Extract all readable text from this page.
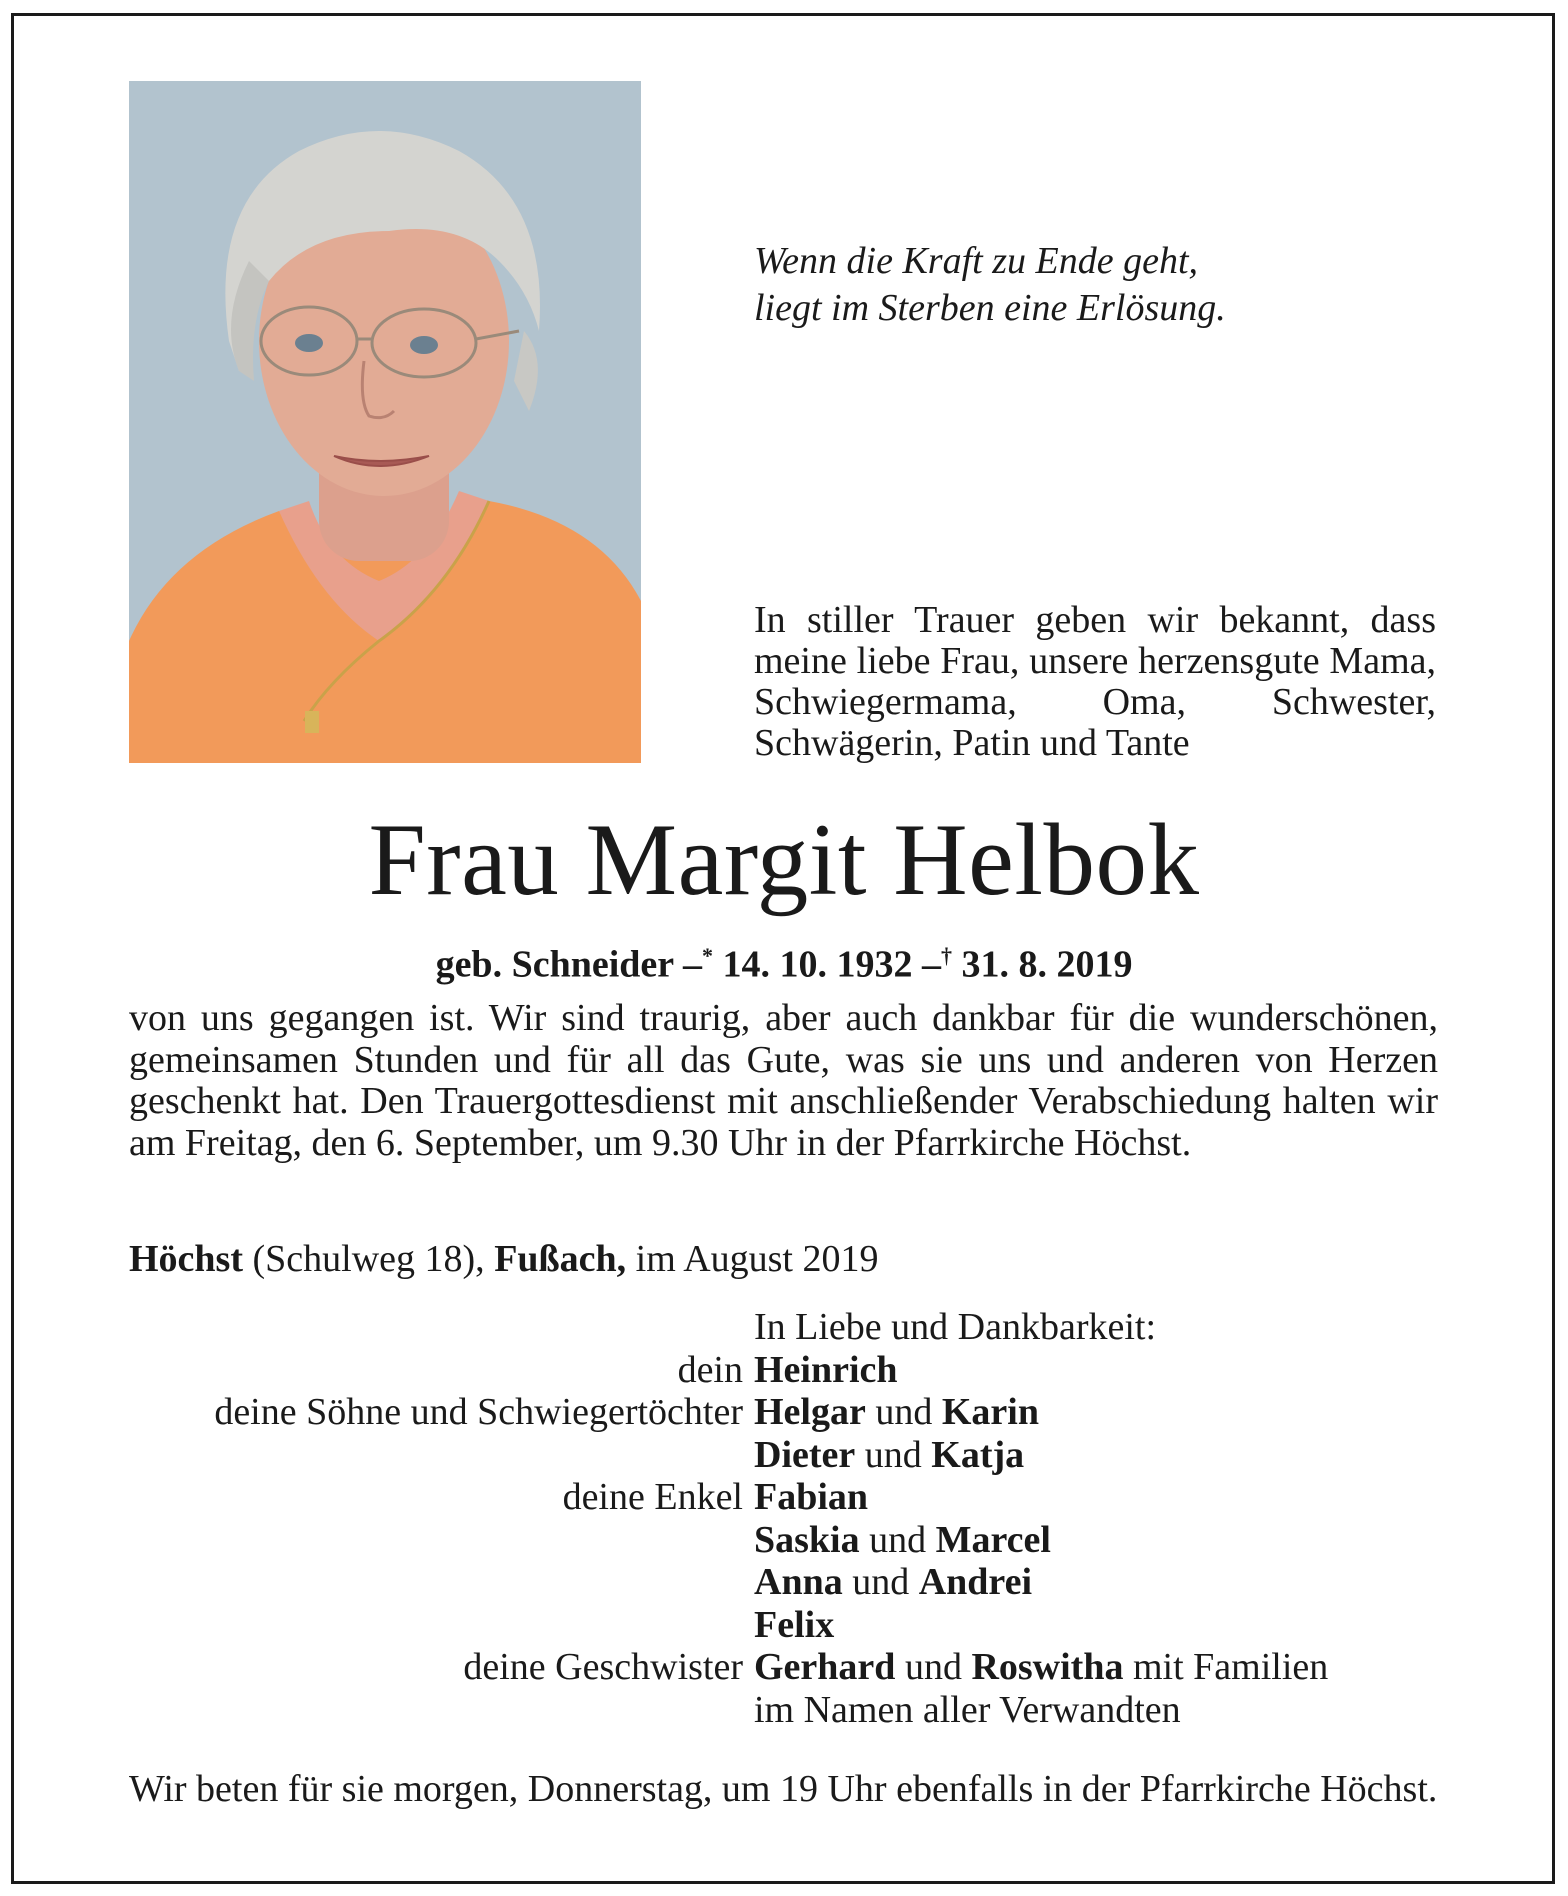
Wenn die Kraft zu Ende geht,
liegt im Sterben eine Erlösung.
In stiller Trauer geben wir bekannt, dass meine liebe Frau, unsere herzensgute Mama, Schwiegermama, Oma, Schwester, Schwägerin, Patin und Tante
Frau Margit Helbok
geb. Schneider –* 14. 10. 1932 –† 31. 8. 2019
von uns gegangen ist. Wir sind traurig, aber auch dankbar für die wunderschönen, gemeinsamen Stunden und für all das Gute, was sie uns und anderen von Herzen geschenkt hat. Den Trauergottesdienst mit anschließender Verabschiedung halten wir am Freitag, den 6. September, um 9.30 Uhr in der Pfarrkirche Höchst.
Höchst (Schulweg 18), Fußach, im August 2019
In Liebe und Dankbarkeit:
dein Heinrich
deine Söhne und Schwiegertöchter Helgar und Karin
Dieter und Katja
deine Enkel Fabian
Saskia und Marcel
Anna und Andrei
Felix
deine Geschwister Gerhard und Roswitha mit Familien
im Namen aller Verwandten
Wir beten für sie morgen, Donnerstag, um 19 Uhr ebenfalls in der Pfarrkirche Höchst.
